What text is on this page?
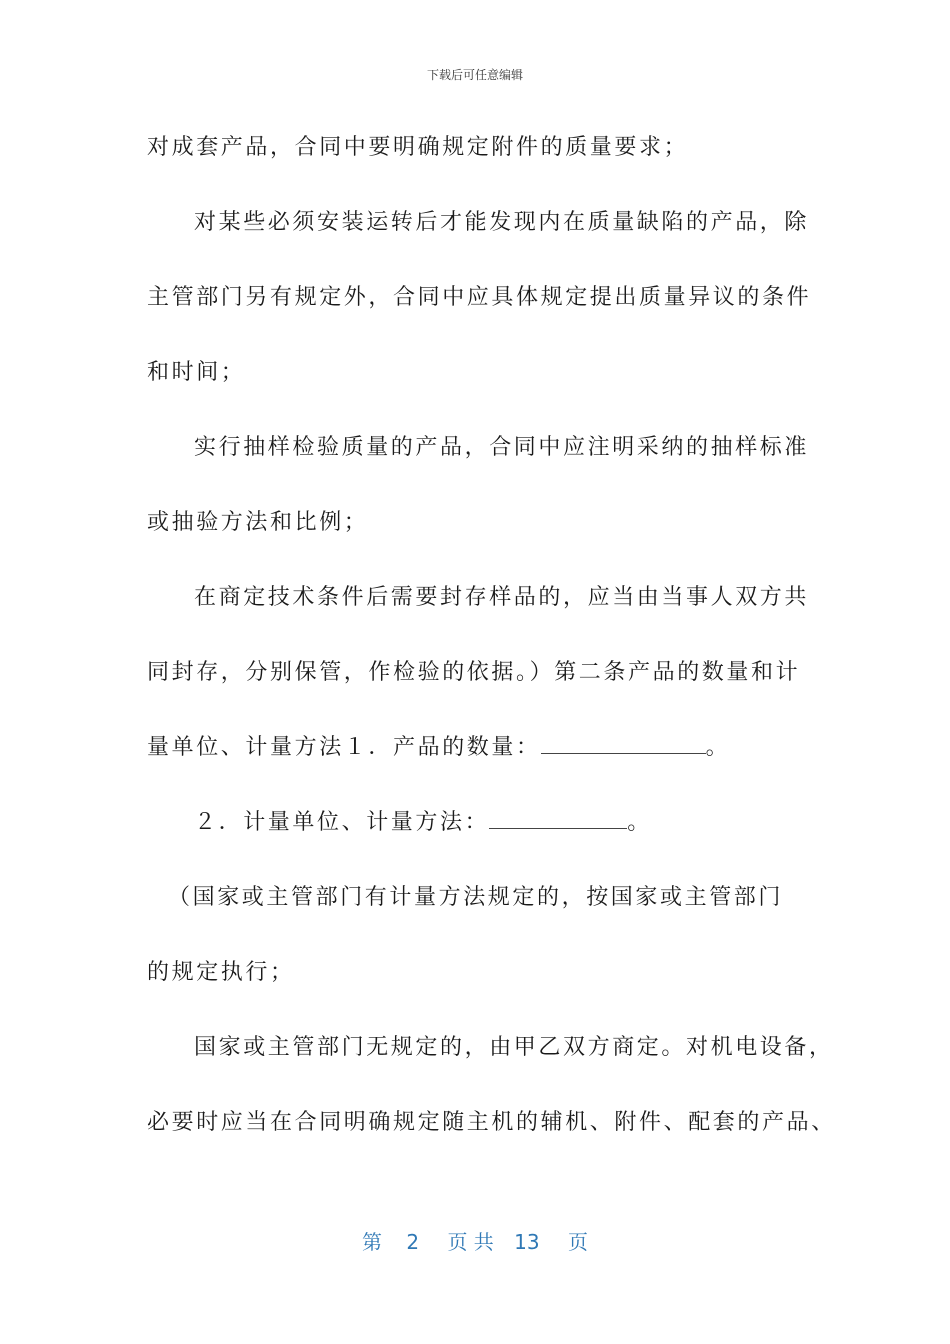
下载后可任意编辑
对成套产品，合同中要明确规定附件的质量要求；
对某些必须安装运转后才能发现内在质量缺陷的产品，除
主管部门另有规定外，合同中应具体规定提出质量异议的条件
和时间；
实行抽样检验质量的产品，合同中应注明采纳的抽样标准
或抽验方法和比例；
在商定技术条件后需要封存样品的，应当由当事人双方共
同封存，分别保管，作检验的依据。）第二条产品的数量和计
量单位、计量方法１．产品的数量：	。
２．计量单位、计量方法：	。
（国家或主管部门有计量方法规定的，按国家或主管部门
的规定执行；
国家或主管部门无规定的，由甲乙双方商定。对机电设备，
必要时应当在合同明确规定随主机的辅机、附件、配套的产品、
第 2 页 共 13 页
